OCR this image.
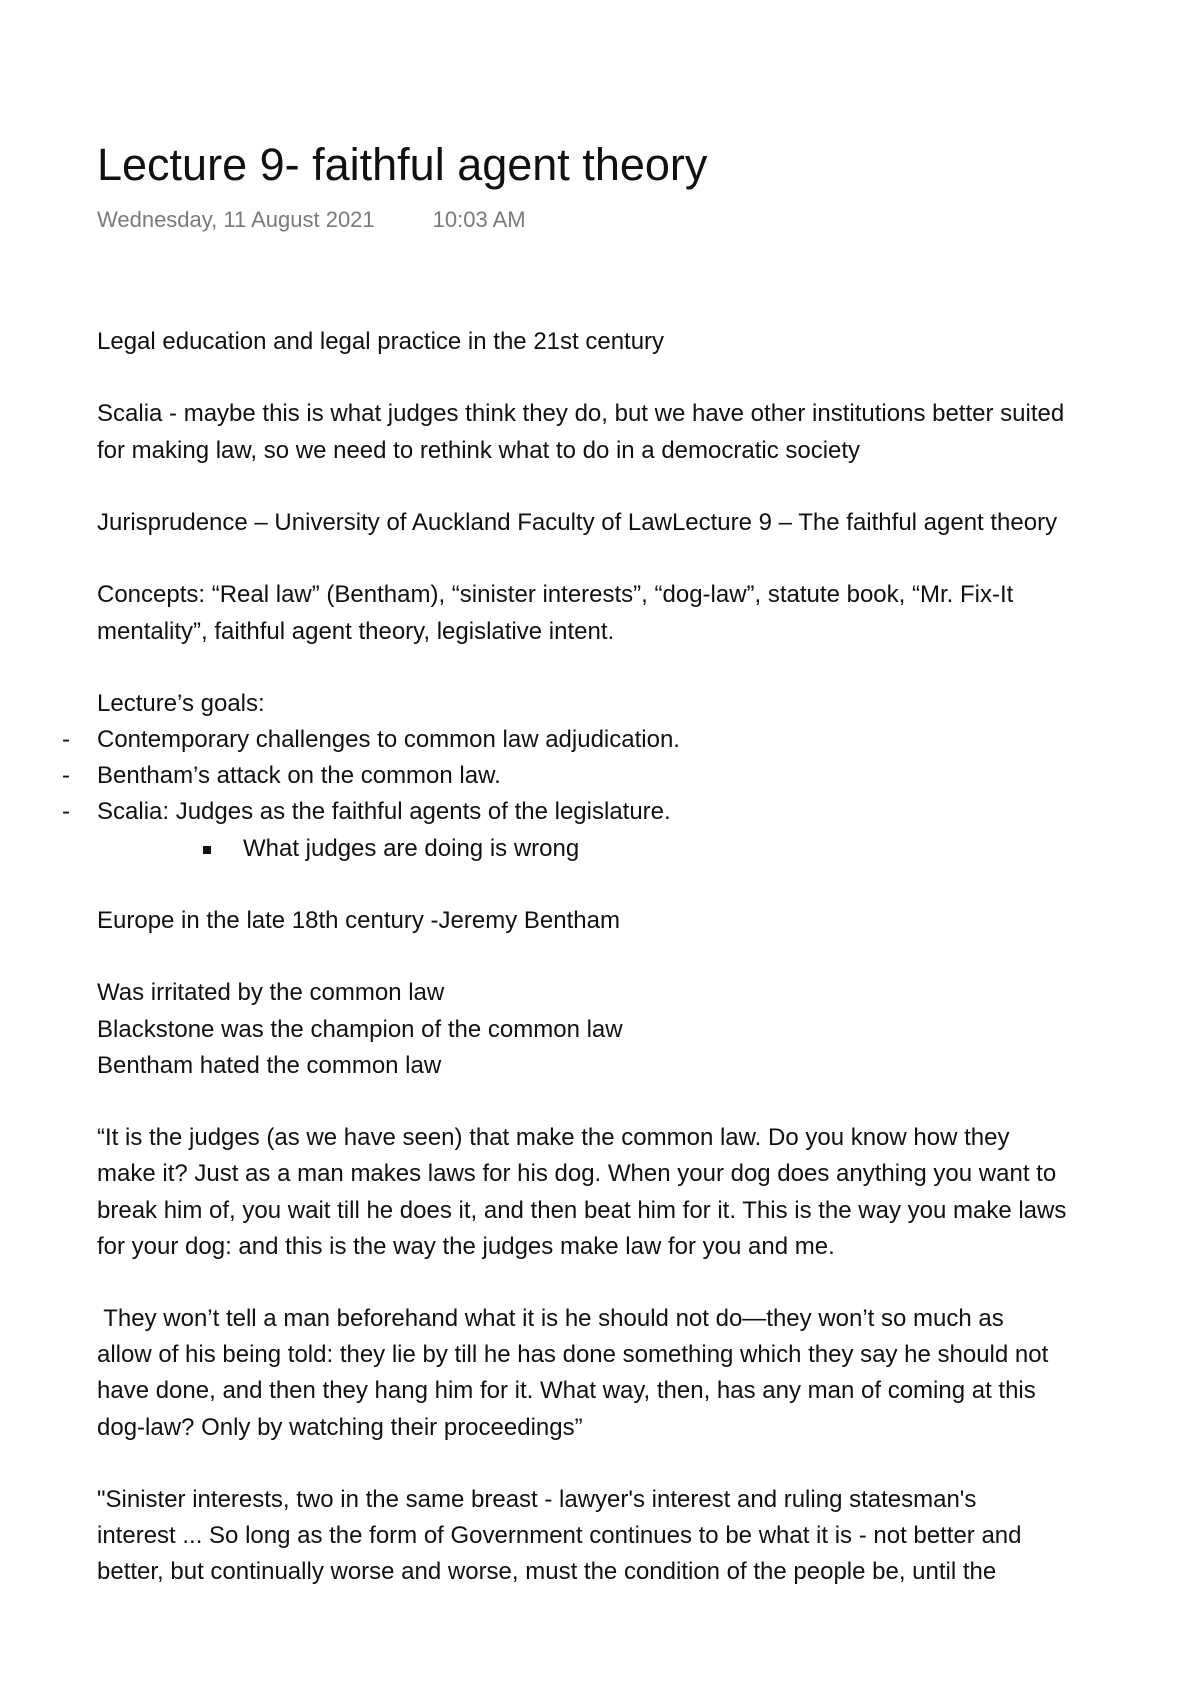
Lecture 9- faithful agent theory
Wednesday, 11 August 2021	10:03 AM
Legal education and legal practice in the 21st century
Scalia - maybe this is what judges think they do, but we have other institutions better suited
for making law, so we need to rethink what to do in a democratic society
Jurisprudence – University of Auckland Faculty of LawLecture 9 – The faithful agent theory
Concepts: “Real law” (Bentham), “sinister interests”, “dog-law”, statute book, “Mr. Fix-It
mentality”, faithful agent theory, legislative intent.
Lecture’s goals:
- Contemporary challenges to common law adjudication.
- Bentham’s attack on the common law.
- Scalia: Judges as the faithful agents of the legislature.
What judges are doing is wrong
Europe in the late 18th century -Jeremy Bentham
Was irritated by the common law
Blackstone was the champion of the common law
Bentham hated the common law
“It is the judges (as we have seen) that make the common law. Do you know how they
make it? Just as a man makes laws for his dog. When your dog does anything you want to
break him of, you wait till he does it, and then beat him for it. This is the way you make laws
for your dog: and this is the way the judges make law for you and me.
They won’t tell a man beforehand what it is he should not do—they won’t so much as
allow of his being told: they lie by till he has done something which they say he should not
have done, and then they hang him for it. What way, then, has any man of coming at this
dog-law? Only by watching their proceedings”
"Sinister interests, two in the same breast - lawyer's interest and ruling statesman's
interest ... So long as the form of Government continues to be what it is - not better and
better, but continually worse and worse, must the condition of the people be, until the
